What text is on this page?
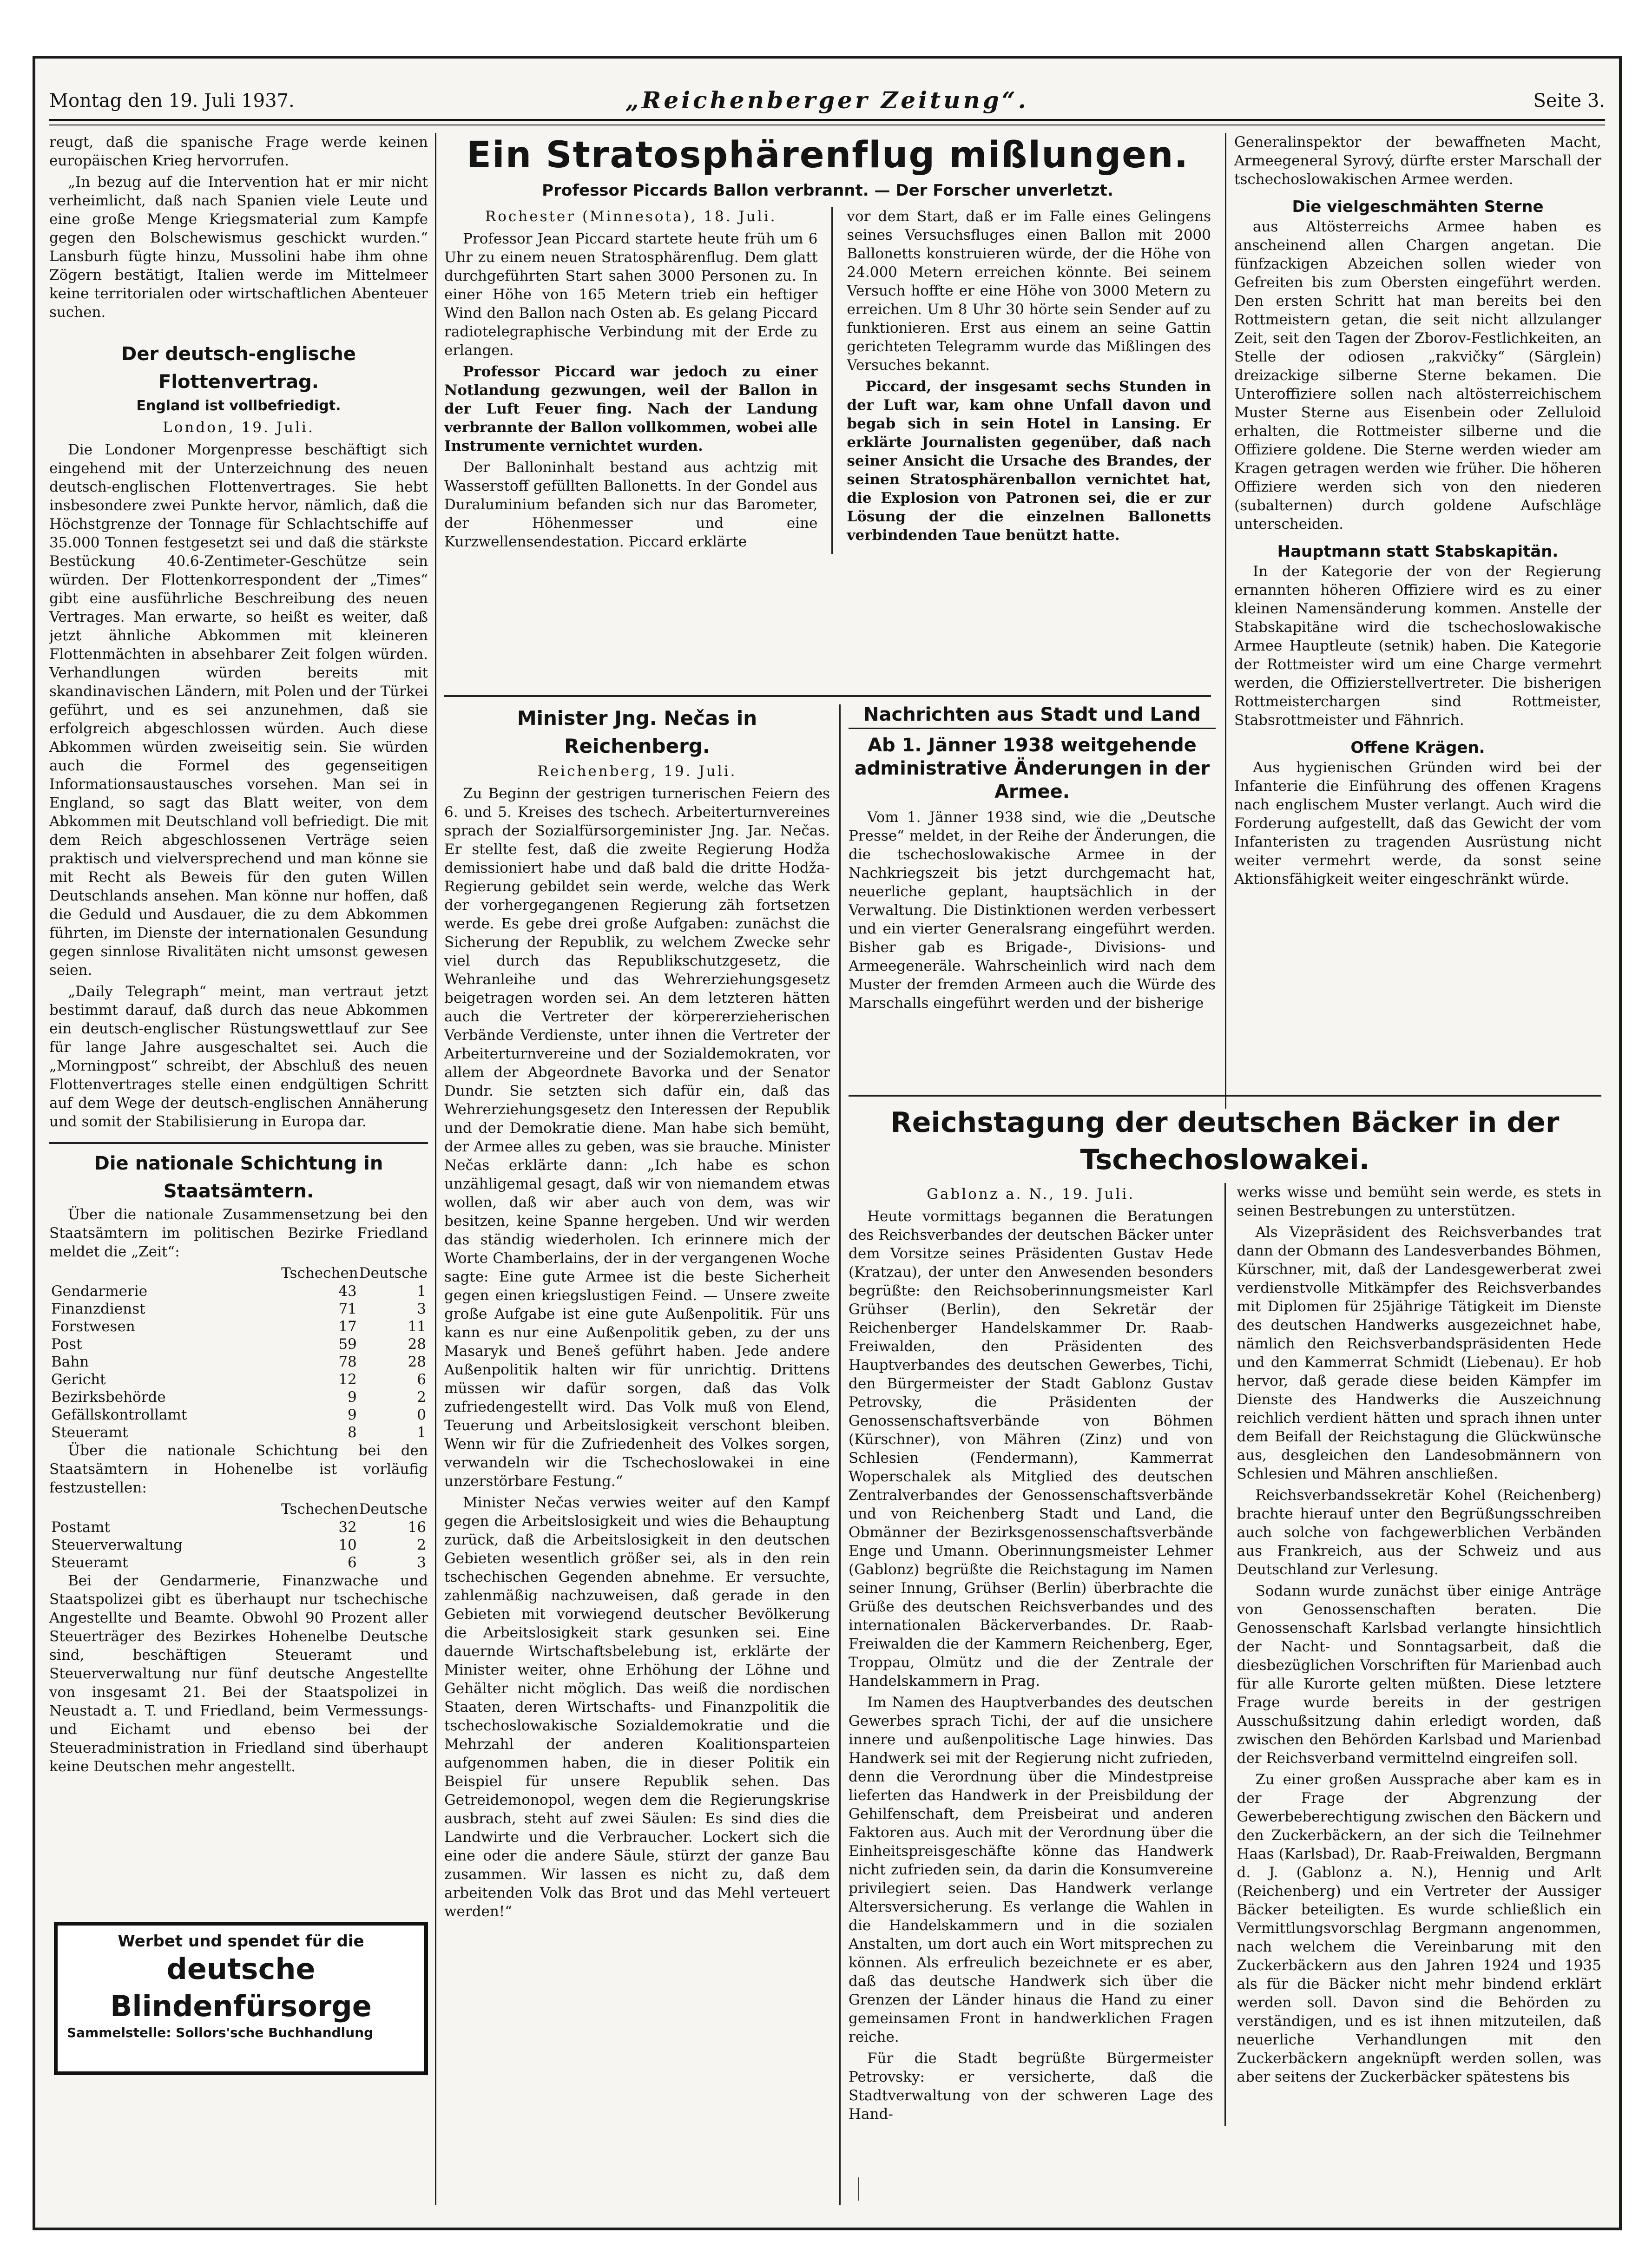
Montag den 19. Juli 1937.	„Reichenberger Zeitung“.	Seite 3.

reugt, daß die spanische Frage werde keinen europäischen Krieg hervorrufen.

„In bezug auf die Intervention hat er mir nicht verheimlicht, daß nach Spanien viele Leute und eine große Menge Kriegsmaterial zum Kampfe gegen den Bolschewismus geschickt wurden.“ Lansburh fügte hinzu, Mussolini habe ihm ohne Zögern bestätigt, Italien werde im Mittelmeer keine territorialen oder wirtschaftlichen Abenteuer suchen.

Der deutsch-englische Flottenvertrag.
England ist vollbefriedigt.
London, 19. Juli.

Die Londoner Morgenpresse beschäftigt sich eingehend mit der Unterzeichnung des neuen deutsch-englischen Flottenvertrages. Sie hebt insbesondere zwei Punkte hervor, nämlich, daß die Höchstgrenze der Tonnage für Schlachtschiffe auf 35.000 Tonnen festgesetzt sei und daß die stärkste Bestückung 40.6-Zentimeter-Geschütze sein würden. Der Flottenkorrespondent der „Times“ gibt eine ausführliche Beschreibung des neuen Vertrages. Man erwarte, so heißt es weiter, daß jetzt ähnliche Abkommen mit kleineren Flottenmächten in absehbarer Zeit folgen würden. Verhandlungen würden bereits mit skandinavischen Ländern, mit Polen und der Türkei geführt, und es sei anzunehmen, daß sie erfolgreich abgeschlossen würden. Auch diese Abkommen würden zweiseitig sein. Sie würden auch die Formel des gegenseitigen Informationsaustausches vorsehen. Man sei in England, so sagt das Blatt weiter, von dem Abkommen mit Deutschland voll befriedigt. Die mit dem Reich abgeschlossenen Verträge seien praktisch und vielversprechend und man könne sie mit Recht als Beweis für den guten Willen Deutschlands ansehen. Man könne nur hoffen, daß die Geduld und Ausdauer, die zu dem Abkommen führten, im Dienste der internationalen Gesundung gegen sinnlose Rivalitäten nicht umsonst gewesen seien.

„Daily Telegraph“ meint, man vertraut jetzt bestimmt darauf, daß durch das neue Abkommen ein deutsch-englischer Rüstungswettlauf zur See für lange Jahre ausgeschaltet sei. Auch die „Morningpost“ schreibt, der Abschluß des neuen Flottenvertrages stelle einen endgültigen Schritt auf dem Wege der deutsch-englischen Annäherung und somit der Stabilisierung in Europa dar.

Die nationale Schichtung in Staatsämtern.

Über die nationale Zusammensetzung bei den Staatsämtern im politischen Bezirke Friedland meldet die „Zeit“:

	Tschechen	Deutsche
Gendarmerie	43	1
Finanzdienst	71	3
Forstwesen	17	11
Post	59	28
Bahn	78	28
Gericht	12	6
Bezirksbehörde	9	2
Gefällskontrollamt	9	0
Steueramt	8	1

Über die nationale Schichtung bei den Staatsämtern in Hohenelbe ist vorläufig festzustellen:

	Tschechen	Deutsche
Postamt	32	16
Steuerverwaltung	10	2
Steueramt	6	3

Bei der Gendarmerie, Finanzwache und Staatspolizei gibt es überhaupt nur tschechische Angestellte und Beamte. Obwohl 90 Prozent aller Steuerträger des Bezirkes Hohenelbe Deutsche sind, beschäftigen Steueramt und Steuerverwaltung nur fünf deutsche Angestellte von insgesamt 21. Bei der Staatspolizei in Neustadt a. T. und Friedland, beim Vermessungs- und Eichamt und ebenso bei der Steueradministration in Friedland sind überhaupt keine Deutschen mehr angestellt.

Werbet und spendet für die
deutsche Blindenfürsorge
Sammelstelle: Sollors'sche Buchhandlung
Ein Stratosphärenflug mißlungen.
Professor Piccards Ballon verbrannt. — Der Forscher unverletzt.
Rochester (Minnesota), 18. Juli.

Professor Jean Piccard startete heute früh um 6 Uhr zu einem neuen Stratosphärenflug. Dem glatt durchgeführten Start sahen 3000 Personen zu. In einer Höhe von 165 Metern trieb ein heftiger Wind den Ballon nach Osten ab. Es gelang Piccard radiotelegraphische Verbindung mit der Erde zu erlangen.

Professor Piccard war jedoch zu einer Notlandung gezwungen, weil der Ballon in der Luft Feuer fing. Nach der Landung verbrannte der Ballon vollkommen, wobei alle Instrumente vernichtet wurden.

Der Balloninhalt bestand aus achtzig mit Wasserstoff gefüllten Ballonetts. In der Gondel aus Duraluminium befanden sich nur das Barometer, der Höhenmesser und eine Kurzwellensendestation. Piccard erklärte

vor dem Start, daß er im Falle eines Gelingens seines Versuchsfluges einen Ballon mit 2000 Ballonetts konstruieren würde, der die Höhe von 24.000 Metern erreichen könnte. Bei seinem Versuch hoffte er eine Höhe von 3000 Metern zu erreichen. Um 8 Uhr 30 hörte sein Sender auf zu funktionieren. Erst aus einem an seine Gattin gerichteten Telegramm wurde das Mißlingen des Versuches bekannt.

Piccard, der insgesamt sechs Stunden in der Luft war, kam ohne Unfall davon und begab sich in sein Hotel in Lansing. Er erklärte Journalisten gegenüber, daß nach seiner Ansicht die Ursache des Brandes, der seinen Stratosphärenballon vernichtet hat, die Explosion von Patronen sei, die er zur Lösung der die einzelnen Ballonetts verbindenden Taue benützt hatte.

Minister Jng. Nečas in Reichenberg.
Reichenberg, 19. Juli.

Zu Beginn der gestrigen turnerischen Feiern des 6. und 5. Kreises des tschech. Arbeiterturnvereines sprach der Sozialfürsorgeminister Jng. Jar. Nečas. Er stellte fest, daß die zweite Regierung Hodža demissioniert habe und daß bald die dritte Hodža-Regierung gebildet sein werde, welche das Werk der vorhergegangenen Regierung zäh fortsetzen werde. Es gebe drei große Aufgaben: zunächst die Sicherung der Republik, zu welchem Zwecke sehr viel durch das Republikschutzgesetz, die Wehranleihe und das Wehrerziehungsgesetz beigetragen worden sei. An dem letzteren hätten auch die Vertreter der körpererzieherischen Verbände Verdienste, unter ihnen die Vertreter der Arbeiterturnvereine und der Sozialdemokraten, vor allem der Abgeordnete Bavorka und der Senator Dundr. Sie setzten sich dafür ein, daß das Wehrerziehungsgesetz den Interessen der Republik und der Demokratie diene. Man habe sich bemüht, der Armee alles zu geben, was sie brauche. Minister Nečas erklärte dann: „Ich habe es schon unzähligemal gesagt, daß wir von niemandem etwas wollen, daß wir aber auch von dem, was wir besitzen, keine Spanne hergeben. Und wir werden das ständig wiederholen. Ich erinnere mich der Worte Chamberlains, der in der vergangenen Woche sagte: Eine gute Armee ist die beste Sicherheit gegen einen kriegslustigen Feind. — Unsere zweite große Aufgabe ist eine gute Außenpolitik. Für uns kann es nur eine Außenpolitik geben, zu der uns Masaryk und Beneš geführt haben. Jede andere Außenpolitik halten wir für unrichtig. Drittens müssen wir dafür sorgen, daß das Volk zufriedengestellt wird. Das Volk muß von Elend, Teuerung und Arbeitslosigkeit verschont bleiben. Wenn wir für die Zufriedenheit des Volkes sorgen, verwandeln wir die Tschechoslowakei in eine unzerstörbare Festung.“

Minister Nečas verwies weiter auf den Kampf gegen die Arbeitslosigkeit und wies die Behauptung zurück, daß die Arbeitslosigkeit in den deutschen Gebieten wesentlich größer sei, als in den rein tschechischen Gegenden abnehme. Er versuchte, zahlenmäßig nachzuweisen, daß gerade in den Gebieten mit vorwiegend deutscher Bevölkerung die Arbeitslosigkeit stark gesunken sei. Eine dauernde Wirtschaftsbelebung ist, erklärte der Minister weiter, ohne Erhöhung der Löhne und Gehälter nicht möglich. Das weiß die nordischen Staaten, deren Wirtschafts- und Finanzpolitik die tschechoslowakische Sozialdemokratie und die Mehrzahl der anderen Koalitionsparteien aufgenommen haben, die in dieser Politik ein Beispiel für unsere Republik sehen. Das Getreidemonopol, wegen dem die Regierungskrise ausbrach, steht auf zwei Säulen: Es sind dies die Landwirte und die Verbraucher. Lockert sich die eine oder die andere Säule, stürzt der ganze Bau zusammen. Wir lassen es nicht zu, daß dem arbeitenden Volk das Brot und das Mehl verteuert werden!“

Nachrichten aus Stadt und Land
Ab 1. Jänner 1938 weitgehende administrative Änderungen in der Armee.

Vom 1. Jänner 1938 sind, wie die „Deutsche Presse“ meldet, in der Reihe der Änderungen, die die tschechoslowakische Armee in der Nachkriegszeit bis jetzt durchgemacht hat, neuerliche geplant, hauptsächlich in der Verwaltung. Die Distinktionen werden verbessert und ein vierter Generalsrang eingeführt werden. Bisher gab es Brigade-, Divisions- und Armeegeneräle. Wahrscheinlich wird nach dem Muster der fremden Armeen auch die Würde des Marschalls eingeführt werden und der bisherige

Generalinspektor der bewaffneten Macht, Armeegeneral Syrový, dürfte erster Marschall der tschechoslowakischen Armee werden.

Die vielgeschmähten Sterne

aus Altösterreichs Armee haben es anscheinend allen Chargen angetan. Die fünfzackigen Abzeichen sollen wieder von Gefreiten bis zum Obersten eingeführt werden. Den ersten Schritt hat man bereits bei den Rottmeistern getan, die seit nicht allzulanger Zeit, seit den Tagen der Zborov-Festlichkeiten, an Stelle der odiosen „rakvičky“ (Särglein) dreizackige silberne Sterne bekamen. Die Unteroffiziere sollen nach altösterreichischem Muster Sterne aus Eisenbein oder Zelluloid erhalten, die Rottmeister silberne und die Offiziere goldene. Die Sterne werden wieder am Kragen getragen werden wie früher. Die höheren Offiziere werden sich von den niederen (subalternen) durch goldene Aufschläge unterscheiden.

Hauptmann statt Stabskapitän.

In der Kategorie der von der Regierung ernannten höheren Offiziere wird es zu einer kleinen Namensänderung kommen. Anstelle der Stabskapitäne wird die tschechoslowakische Armee Hauptleute (setnik) haben. Die Kategorie der Rottmeister wird um eine Charge vermehrt werden, die Offizierstellvertreter. Die bisherigen Rottmeisterchargen sind Rottmeister, Stabsrottmeister und Fähnrich.

Offene Krägen.

Aus hygienischen Gründen wird bei der Infanterie die Einführung des offenen Kragens nach englischem Muster verlangt. Auch wird die Forderung aufgestellt, daß das Gewicht der vom Infanteristen zu tragenden Ausrüstung nicht weiter vermehrt werde, da sonst seine Aktionsfähigkeit weiter eingeschränkt würde.

Reichstagung der deutschen Bäcker in der Tschechoslowakei.
Gablonz a. N., 19. Juli.

Heute vormittags begannen die Beratungen des Reichsverbandes der deutschen Bäcker unter dem Vorsitze seines Präsidenten Gustav Hede (Kratzau), der unter den Anwesenden besonders begrüßte: den Reichsoberinnungsmeister Karl Grühser (Berlin), den Sekretär der Reichenberger Handelskammer Dr. Raab-Freiwalden, den Präsidenten des Hauptverbandes des deutschen Gewerbes, Tichi, den Bürgermeister der Stadt Gablonz Gustav Petrovsky, die Präsidenten der Genossenschaftsverbände von Böhmen (Kürschner), von Mähren (Zinz) und von Schlesien (Fendermann), Kammerrat Woperschalek als Mitglied des deutschen Zentralverbandes der Genossenschaftsverbände und von Reichenberg Stadt und Land, die Obmänner der Bezirksgenossenschaftsverbände Enge und Umann. Oberinnungsmeister Lehmer (Gablonz) begrüßte die Reichstagung im Namen seiner Innung, Grühser (Berlin) überbrachte die Grüße des deutschen Reichsverbandes und des internationalen Bäckerverbandes. Dr. Raab-Freiwalden die der Kammern Reichenberg, Eger, Troppau, Olmütz und die der Zentrale der Handelskammern in Prag.

Im Namen des Hauptverbandes des deutschen Gewerbes sprach Tichi, der auf die unsichere innere und außenpolitische Lage hinwies. Das Handwerk sei mit der Regierung nicht zufrieden, denn die Verordnung über die Mindestpreise lieferten das Handwerk in der Preisbildung der Gehilfenschaft, dem Preisbeirat und anderen Faktoren aus. Auch mit der Verordnung über die Einheitspreisgeschäfte könne das Handwerk nicht zufrieden sein, da darin die Konsumvereine privilegiert seien. Das Handwerk verlange Altersversicherung. Es verlange die Wahlen in die Handelskammern und in die sozialen Anstalten, um dort auch ein Wort mitsprechen zu können. Als erfreulich bezeichnete er es aber, daß das deutsche Handwerk sich über die Grenzen der Länder hinaus die Hand zu einer gemeinsamen Front in handwerklichen Fragen reiche.

Für die Stadt begrüßte Bürgermeister Petrovsky: er versicherte, daß die Stadtverwaltung von der schweren Lage des Hand-

werks wisse und bemüht sein werde, es stets in seinen Bestrebungen zu unterstützen.

Als Vizepräsident des Reichsverbandes trat dann der Obmann des Landesverbandes Böhmen, Kürschner, mit, daß der Landesgewerberat zwei verdienstvolle Mitkämpfer des Reichsverbandes mit Diplomen für 25jährige Tätigkeit im Dienste des deutschen Handwerks ausgezeichnet habe, nämlich den Reichsverbandspräsidenten Hede und den Kammerrat Schmidt (Liebenau). Er hob hervor, daß gerade diese beiden Kämpfer im Dienste des Handwerks die Auszeichnung reichlich verdient hätten und sprach ihnen unter dem Beifall der Reichstagung die Glückwünsche aus, desgleichen den Landesobmännern von Schlesien und Mähren anschließen.

Reichsverbandssekretär Kohel (Reichenberg) brachte hierauf unter den Begrüßungsschreiben auch solche von fachgewerblichen Verbänden aus Frankreich, aus der Schweiz und aus Deutschland zur Verlesung.

Sodann wurde zunächst über einige Anträge von Genossenschaften beraten. Die Genossenschaft Karlsbad verlangte hinsichtlich der Nacht- und Sonntagsarbeit, daß die diesbezüglichen Vorschriften für Marienbad auch für alle Kurorte gelten müßten. Diese letztere Frage wurde bereits in der gestrigen Ausschußsitzung dahin erledigt worden, daß zwischen den Behörden Karlsbad und Marienbad der Reichsverband vermittelnd eingreifen soll.

Zu einer großen Aussprache aber kam es in der Frage der Abgrenzung der Gewerbeberechtigung zwischen den Bäckern und den Zuckerbäckern, an der sich die Teilnehmer Haas (Karlsbad), Dr. Raab-Freiwalden, Bergmann d. J. (Gablonz a. N.), Hennig und Arlt (Reichenberg) und ein Vertreter der Aussiger Bäcker beteiligten. Es wurde schließlich ein Vermittlungsvorschlag Bergmann angenommen, nach welchem die Vereinbarung mit den Zuckerbäckern aus den Jahren 1924 und 1935 als für die Bäcker nicht mehr bindend erklärt werden soll. Davon sind die Behörden zu verständigen, und es ist ihnen mitzuteilen, daß neuerliche Verhandlungen mit den Zuckerbäckern angeknüpft werden sollen, was aber seitens der Zuckerbäcker spätestens bis
